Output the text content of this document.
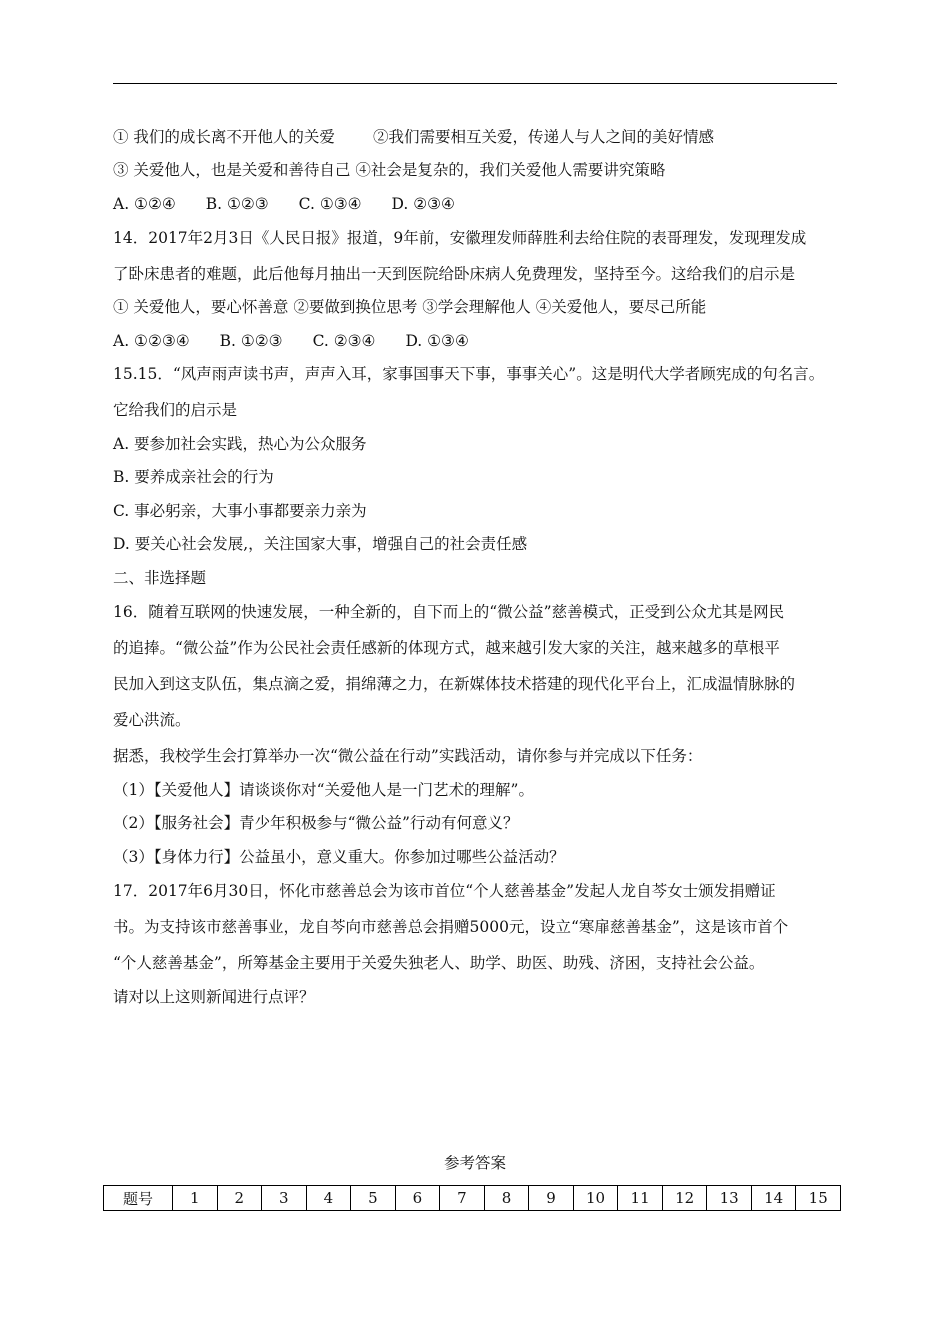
① 我们的成长离不开他人的关爱 ②我们需要相互关爱，传递人与人之间的美好情感
③ 关爱他人，也是关爱和善待自己 ④社会是复杂的，我们关爱他人需要讲究策略
A. ①②④ B. ①②③ C. ①③④ D. ②③④
14．2017年2月3日《人民日报》报道，9年前，安徽理发师薛胜利去给住院的表哥理发，发现理发成
了卧床患者的难题，此后他每月抽出一天到医院给卧床病人免费理发，坚持至今。这给我们的启示是
① 关爱他人，要心怀善意 ②要做到换位思考 ③学会理解他人 ④关爱他人，要尽己所能
A. ①②③④ B. ①②③ C. ②③④ D. ①③④
15.15．“风声雨声读书声，声声入耳，家事国事天下事，事事关心”。这是明代大学者顾宪成的句名言。
它给我们的启示是
A. 要参加社会实践，热心为公众服务
B. 要养成亲社会的行为
C. 事必躬亲，大事小事都要亲力亲为
D. 要关心社会发展,，关注国家大事，增强自己的社会责任感
二、非选择题
16．随着互联网的快速发展，一种全新的，自下而上的“微公益”慈善模式，正受到公众尤其是网民
的追捧。“微公益”作为公民社会责任感新的体现方式，越来越引发大家的关注，越来越多的草根平
民加入到这支队伍，集点滴之爱，捐绵薄之力，在新媒体技术搭建的现代化平台上，汇成温情脉脉的
爱心洪流。
据悉，我校学生会打算举办一次“微公益在行动”实践活动，请你参与并完成以下任务：
（1）【关爱他人】请谈谈你对“关爱他人是一门艺术的理解”。
（2）【服务社会】青少年积极参与“微公益”行动有何意义？
（3）【身体力行】公益虽小，意义重大。你参加过哪些公益活动？
17．2017年6月30日，怀化市慈善总会为该市首位“个人慈善基金”发起人龙自芩女士颁发捐赠证
书。为支持该市慈善事业，龙自芩向市慈善总会捐赠5000元，设立“寒扉慈善基金”，这是该市首个
“个人慈善基金”，所筹基金主要用于关爱失独老人、助学、助医、助残、济困，支持社会公益。
请对以上这则新闻进行点评？
参考答案
题号	1	2	3	4	5	6	7	8	9	10	11	12	13	14	15
